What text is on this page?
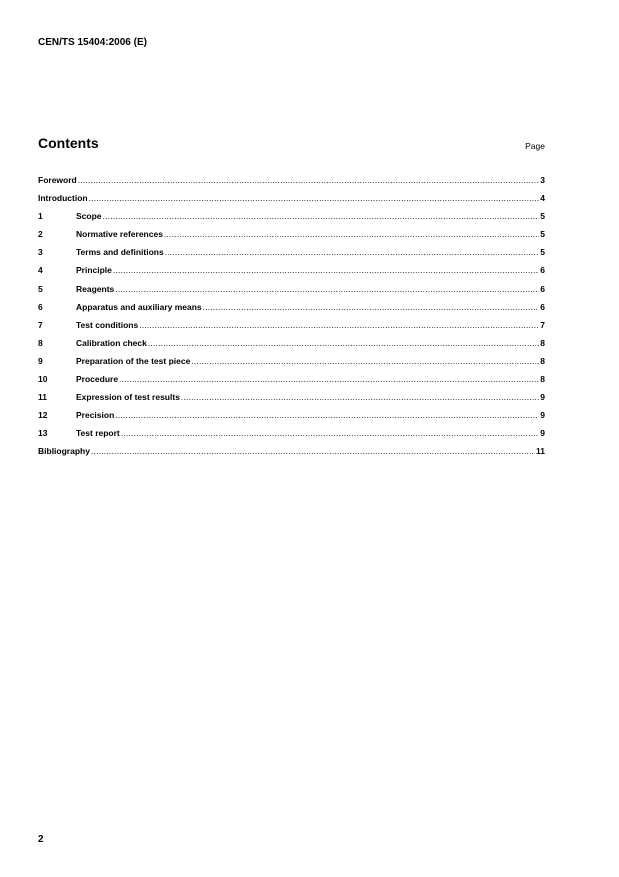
CEN/TS 15404:2006 (E)
Contents	Page
Foreword .....	3
Introduction .....	4
1	Scope .....	5
2	Normative references .....	5
3	Terms and definitions .....	5
4	Principle .....	6
5	Reagents .....	6
6	Apparatus and auxiliary means .....	6
7	Test conditions .....	7
8	Calibration check .....	8
9	Preparation of the test piece .....	8
10	Procedure .....	8
11	Expression of test results .....	9
12	Precision .....	9
13	Test report .....	9
Bibliography .....	11
2
